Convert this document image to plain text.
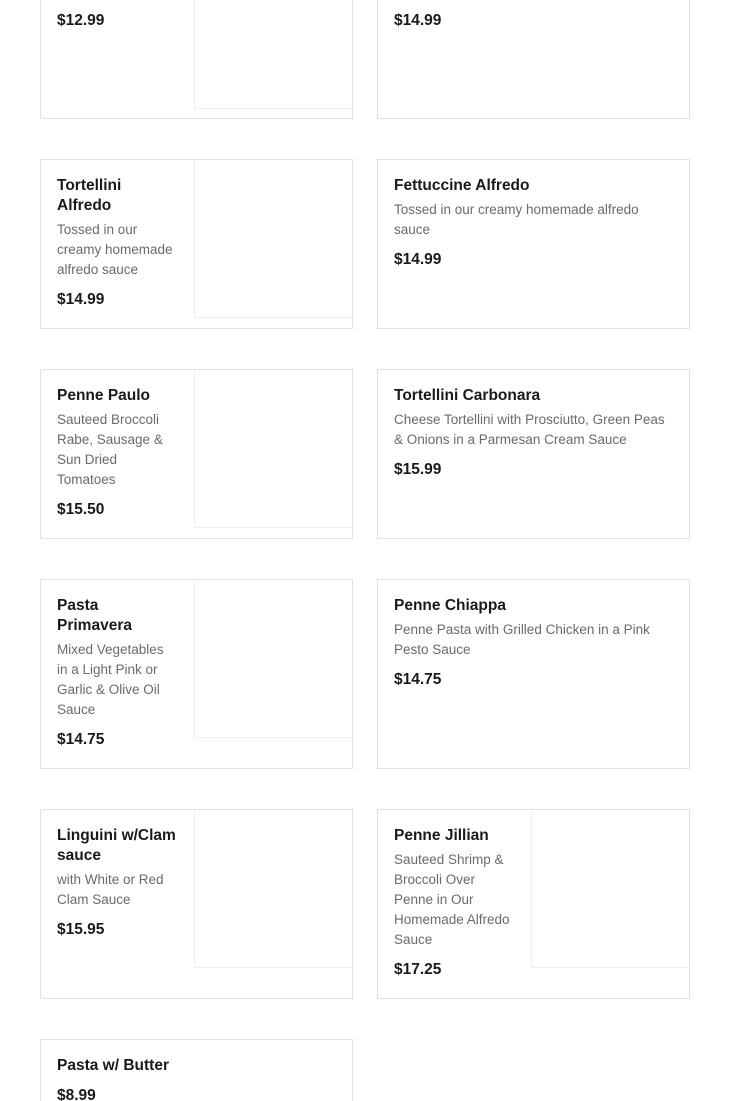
$12.99	$14.99

Tortellini Alfredo

Tossed in our creamy homemade alfredo sauce

$14.99

Fettuccine Alfredo

Tossed in our creamy homemade alfredo sauce

$14.99

Penne Paulo

Sauteed Broccoli Rabe, Sausage & Sun Dried Tomatoes

$15.50

Tortellini Carbonara

Cheese Tortellini with Prosciutto, Green Peas & Onions in a Parmesan Cream Sauce

$15.99

Pasta Primavera

Mixed Vegetables in a Light Pink or Garlic & Olive Oil Sauce

$14.75

Penne Chiappa

Penne Pasta with Grilled Chicken in a Pink Pesto Sauce

$14.75

Linguini w/Clam sauce

with White or Red Clam Sauce

$15.95

Penne Jillian

Sauteed Shrimp & Broccoli Over Penne in Our Homemade Alfredo Sauce

$17.25

Pasta w/ Butter

$8.99
